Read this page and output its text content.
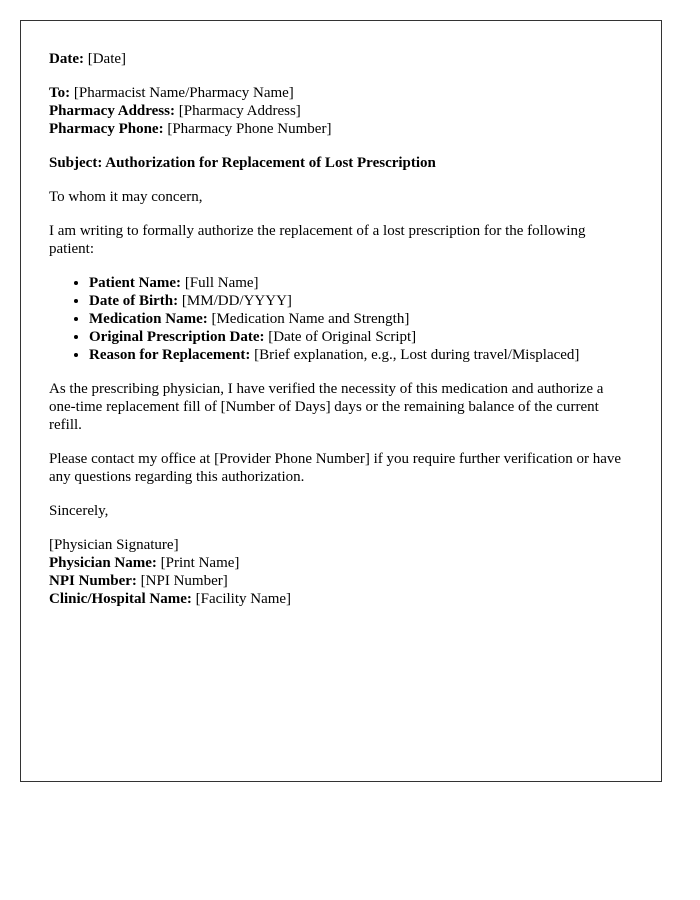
Date: [Date]
To: [Pharmacist Name/Pharmacy Name]
Pharmacy Address: [Pharmacy Address]
Pharmacy Phone: [Pharmacy Phone Number]
Subject: Authorization for Replacement of Lost Prescription
To whom it may concern,
I am writing to formally authorize the replacement of a lost prescription for the following patient:
• Patient Name: [Full Name]
• Date of Birth: [MM/DD/YYYY]
• Medication Name: [Medication Name and Strength]
• Original Prescription Date: [Date of Original Script]
• Reason for Replacement: [Brief explanation, e.g., Lost during travel/Misplaced]
As the prescribing physician, I have verified the necessity of this medication and authorize a one-time replacement fill of [Number of Days] days or the remaining balance of the current refill.
Please contact my office at [Provider Phone Number] if you require further verification or have any questions regarding this authorization.
Sincerely,
[Physician Signature]
Physician Name: [Print Name]
NPI Number: [NPI Number]
Clinic/Hospital Name: [Facility Name]
